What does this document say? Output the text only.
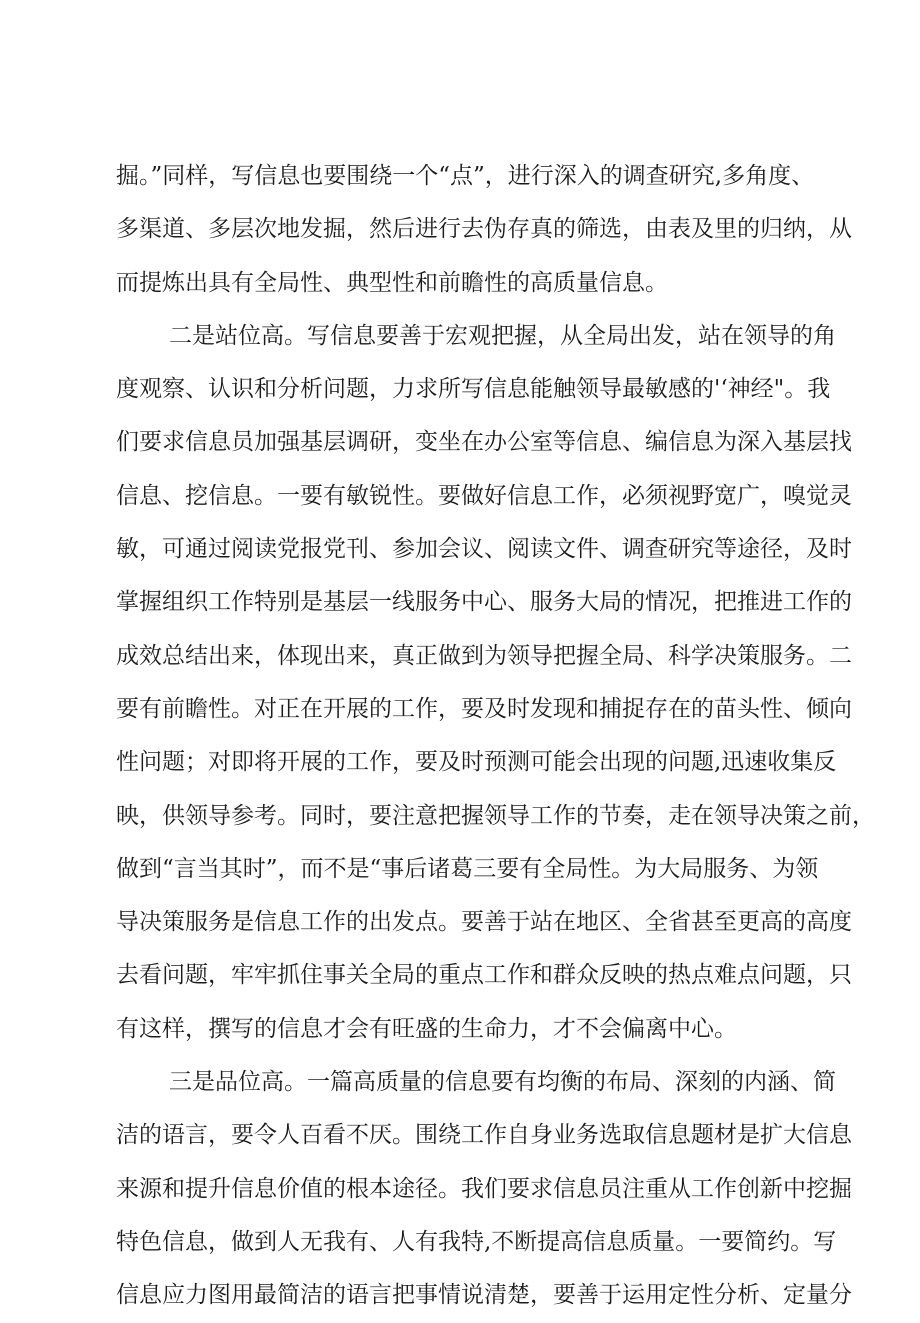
掘。”同样，写信息也要围绕一个“点”，进行深入的调查研究,多角度、
多渠道、多层次地发掘，然后进行去伪存真的筛选，由表及里的归纳，从
而提炼出具有全局性、典型性和前瞻性的高质量信息。
二是站位高。写信息要善于宏观把握，从全局出发，站在领导的角
度观察、认识和分析问题，力求所写信息能触领导最敏感的'‘神经"。我
们要求信息员加强基层调研，变坐在办公室等信息、编信息为深入基层找
信息、挖信息。一要有敏锐性。要做好信息工作，必须视野宽广，嗅觉灵
敏，可通过阅读党报党刊、参加会议、阅读文件、调查研究等途径，及时
掌握组织工作特别是基层一线服务中心、服务大局的情况，把推进工作的
成效总结出来，体现出来，真正做到为领导把握全局、科学决策服务。二
要有前瞻性。对正在开展的工作，要及时发现和捕捉存在的苗头性、倾向
性问题；对即将开展的工作，要及时预测可能会出现的问题,迅速收集反
映，供领导参考。同时，要注意把握领导工作的节奏，走在领导决策之前，
做到“言当其时”，而不是“事后诸葛三要有全局性。为大局服务、为领
导决策服务是信息工作的出发点。要善于站在地区、全省甚至更高的高度
去看问题，牢牢抓住事关全局的重点工作和群众反映的热点难点问题，只
有这样，撰写的信息才会有旺盛的生命力，才不会偏离中心。
三是品位高。一篇高质量的信息要有均衡的布局、深刻的内涵、简
洁的语言，要令人百看不厌。围绕工作自身业务选取信息题材是扩大信息
来源和提升信息价值的根本途径。我们要求信息员注重从工作创新中挖掘
特色信息，做到人无我有、人有我特,不断提高信息质量。一要简约。写
信息应力图用最简洁的语言把事情说清楚，要善于运用定性分析、定量分
